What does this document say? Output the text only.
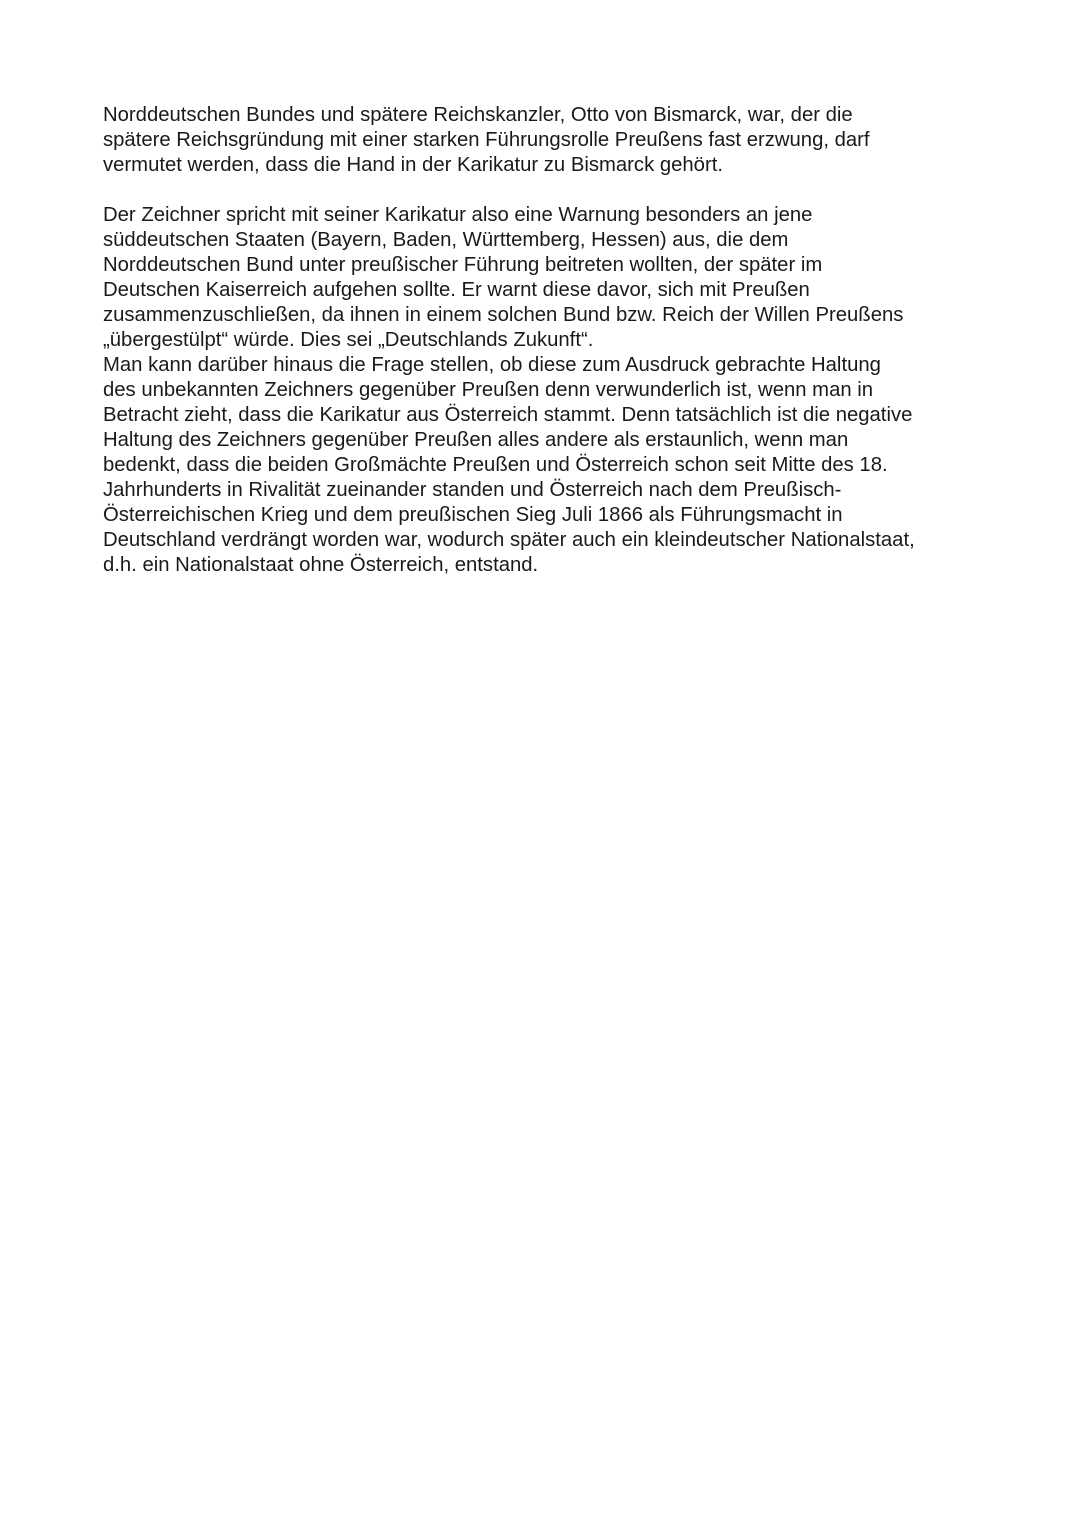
Norddeutschen Bundes und spätere Reichskanzler, Otto von Bismarck, war, der die
spätere Reichsgründung mit einer starken Führungsrolle Preußens fast erzwung, darf
vermutet werden, dass die Hand in der Karikatur zu Bismarck gehört.
Der Zeichner spricht mit seiner Karikatur also eine Warnung besonders an jene
süddeutschen Staaten (Bayern, Baden, Württemberg, Hessen) aus, die dem
Norddeutschen Bund unter preußischer Führung beitreten wollten, der später im
Deutschen Kaiserreich aufgehen sollte. Er warnt diese davor, sich mit Preußen
zusammenzuschließen, da ihnen in einem solchen Bund bzw. Reich der Willen Preußens
„übergestülpt“ würde. Dies sei „Deutschlands Zukunft“.
Man kann darüber hinaus die Frage stellen, ob diese zum Ausdruck gebrachte Haltung
des unbekannten Zeichners gegenüber Preußen denn verwunderlich ist, wenn man in
Betracht zieht, dass die Karikatur aus Österreich stammt. Denn tatsächlich ist die negative
Haltung des Zeichners gegenüber Preußen alles andere als erstaunlich, wenn man
bedenkt, dass die beiden Großmächte Preußen und Österreich schon seit Mitte des 18.
Jahrhunderts in Rivalität zueinander standen und Österreich nach dem Preußisch-
Österreichischen Krieg und dem preußischen Sieg Juli 1866 als Führungsmacht in
Deutschland verdrängt worden war, wodurch später auch ein kleindeutscher Nationalstaat,
d.h. ein Nationalstaat ohne Österreich, entstand.
